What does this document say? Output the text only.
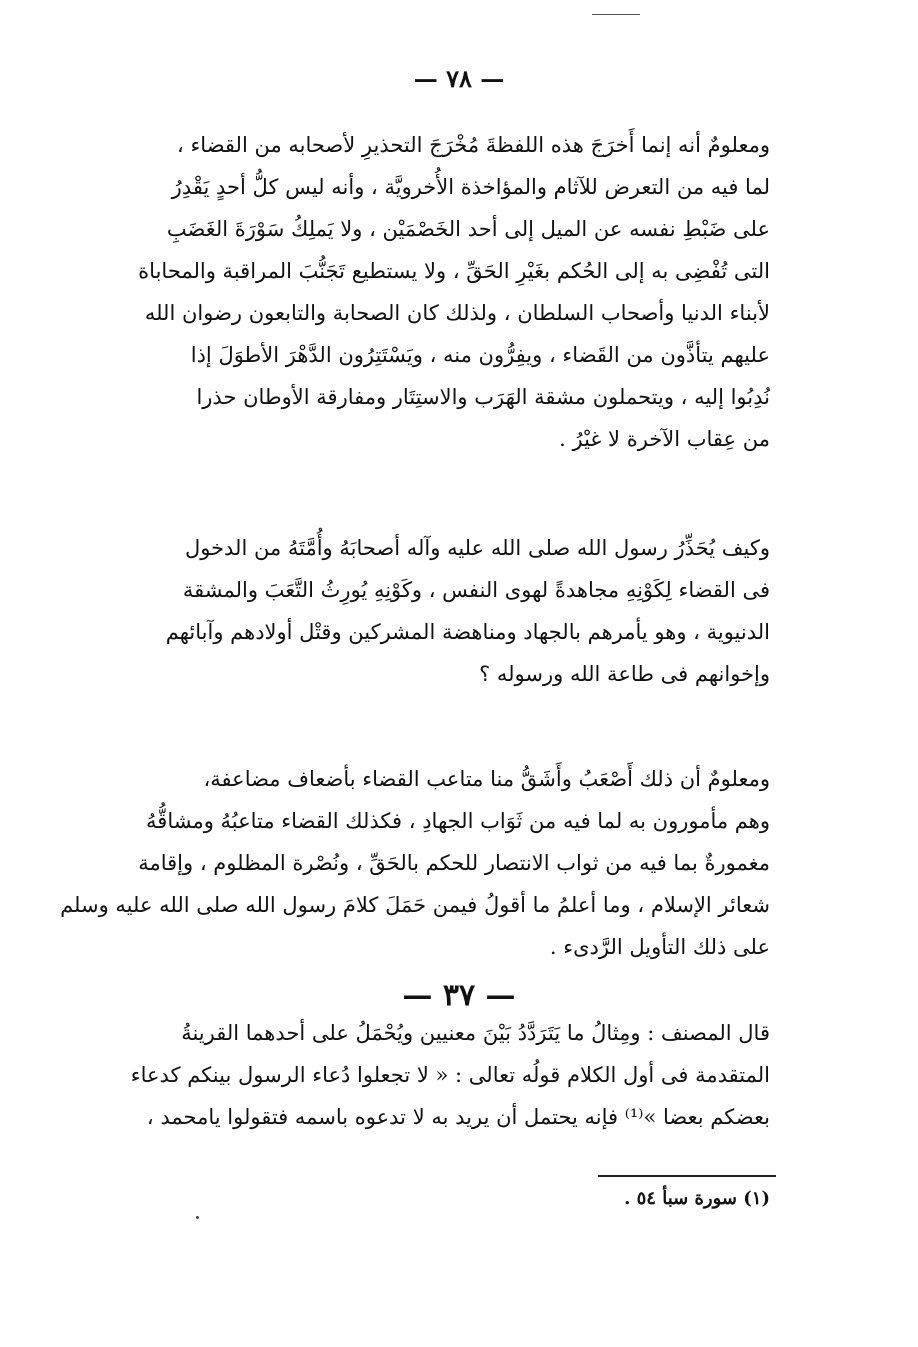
— ٧٨ —
ومعلومٌ أنه إنما أَخرَجَ هذه اللفظةَ مُخْرَجَ التحذيرِ لأصحابه من القضاء ،
لما فيه من التعرض للآثام والمؤاخذة الأُخرويَّة ، وأنه ليس كلُّ أحدٍ يَقْدِرُ
على ضَبْطِ نفسه عن الميل إلى أحد الخَصْمَيْن ، ولا يَملِكُ سَوْرَةَ الغَضَبِ
التى تُفْضِى به إلى الحُكم بغَيْرِ الحَقِّ ، ولا يستطيع تَجَنُّبَ المراقبة والمحاباة
لأبناء الدنيا وأصحاب السلطان ، ولذلك كان الصحابة والتابعون رضوان الله
عليهم يتأذَّون من القَضاء ، ويفِرُّون منه ، ويَسْتَتِرُون الدَّهْرَ الأطوَلَ إذا
نُدِبُوا إليه ، ويتحملون مشقة الهَرَب والاستِتَار ومفارقة الأوطان حذرا
من عِقاب الآخرة لا غيْرُ .
وكيف يُحَذِّرُ رسول الله صلى الله عليه وآله أصحابَهُ وأُمَّتَهُ من الدخول
فى القضاء لِكَوْنِهِ مجاهدةً لهوى النفس ، وكَوْنِهِ يُورِثُ التَّعَبَ والمشقة
الدنيوية ، وهو يأمرهم بالجهاد ومناهضة المشركين وقتْل أولادهم وآبائهم
وإخوانهم فى طاعة الله ورسوله ؟
ومعلومٌ أن ذلك أَصْعَبُ وأَشَقُّ منا متاعب القضاء بأضعاف مضاعفة،
وهم مأمورون به لما فيه من ثَوَاب الجهادِ ، فكذلك القضاء متاعبُهُ ومشاقُّهُ
مغمورةٌ بما فيه من ثواب الانتصار للحكم بالحَقِّ ، ونُصْرة المظلوم ، وإقامة
شعائر الإسلام ، وما أعلمُ ما أقولُ فيمن حَمَلَ كلامَ رسول الله صلى الله عليه وسلم
على ذلك التأويل الرَّدىء .
— ٣٧ —
قال المصنف : ومِثالُ ما يَتَرَدَّدُ بَيْنَ معنيين ويُحْمَلُ على أحدهما القرينةُ
المتقدمة فى أول الكلام قولُه تعالى : « لا تجعلوا دُعاء الرسول بينكم كدعاء
بعضكم بعضا »⁽¹⁾ فإنه يحتمل أن يريد به لا تدعوه باسمه فتقولوا يامحمد ،
(١) سورة سبأ ٥٤ .
